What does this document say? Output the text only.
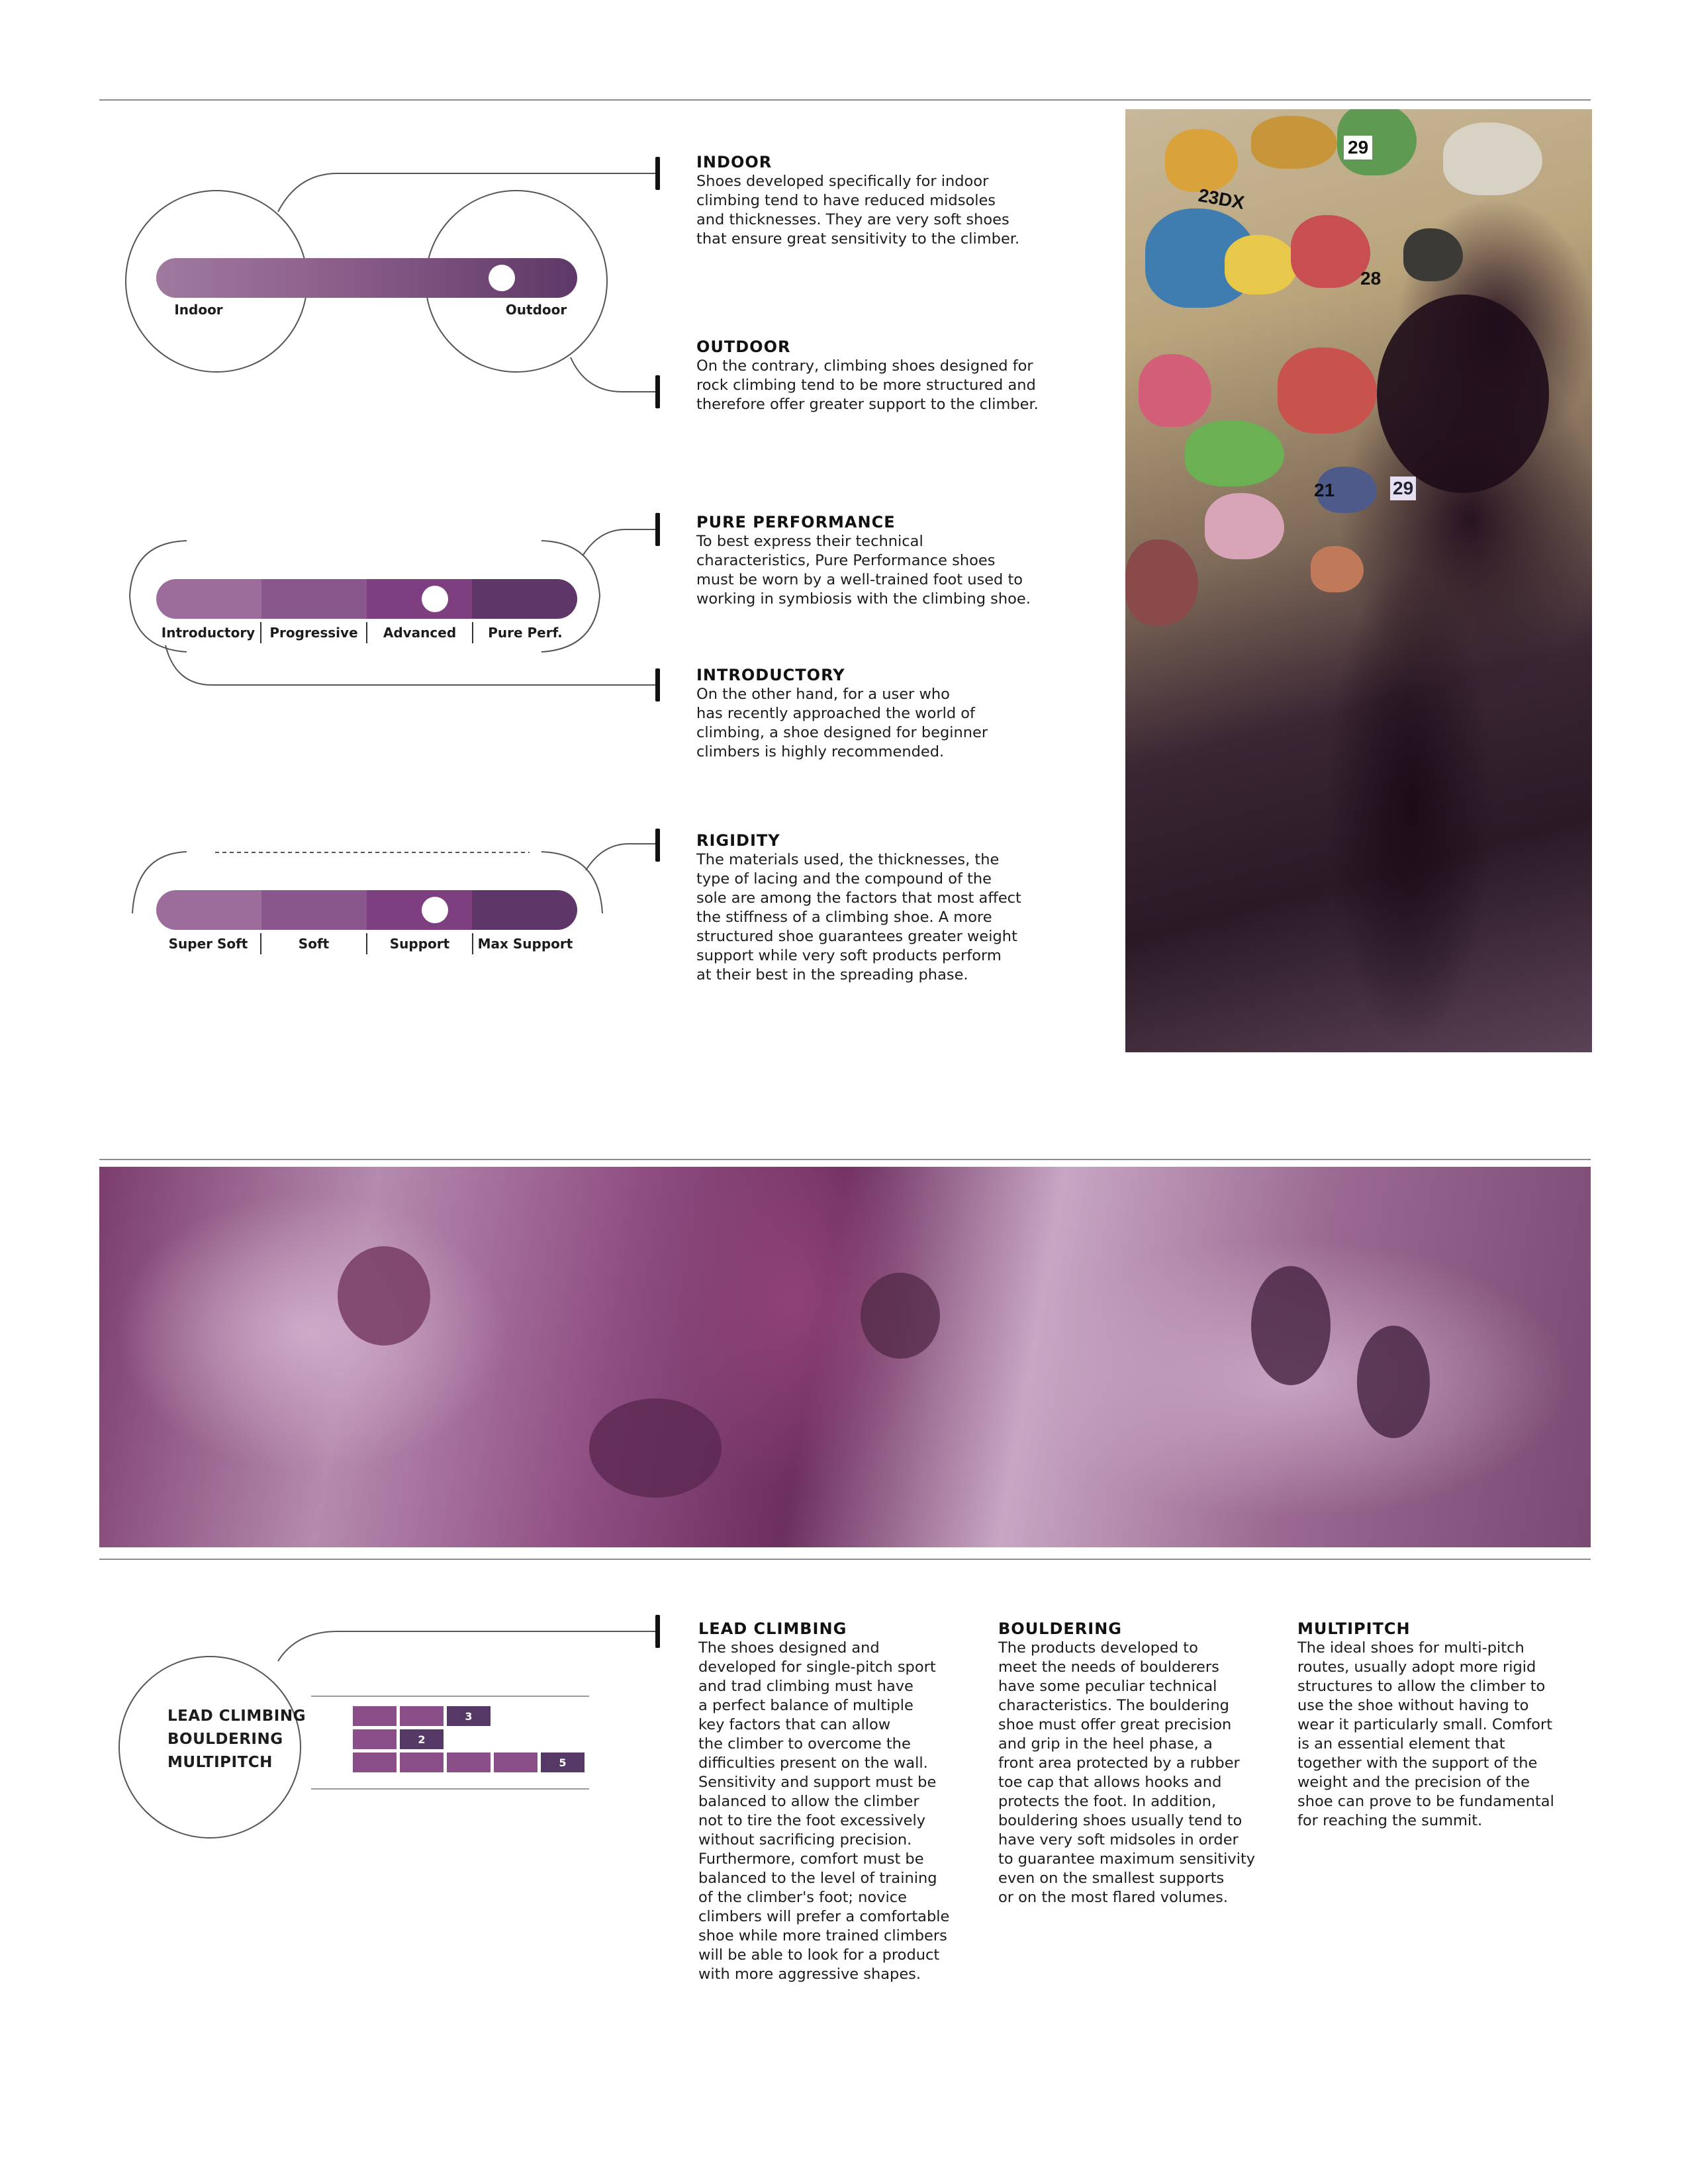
Indoor	Outdoor
Introductory	Progressive	Advanced	Pure Perf.
Super Soft	Soft	Support	Max Support
INDOOR
Shoes developed specifically for indoor
climbing tend to have reduced midsoles
and thicknesses. They are very soft shoes
that ensure great sensitivity to the climber.
OUTDOOR
On the contrary, climbing shoes designed for
rock climbing tend to be more structured and
therefore offer greater support to the climber.
PURE PERFORMANCE
To best express their technical
characteristics, Pure Performance shoes
must be worn by a well-trained foot used to
working in symbiosis with the climbing shoe.
INTRODUCTORY
On the other hand, for a user who
has recently approached the world of
climbing, a shoe designed for beginner
climbers is highly recommended.
RIGIDITY
The materials used, the thicknesses, the
type of lacing and the compound of the
sole are among the factors that most affect
the stiffness of a climbing shoe. A more
structured shoe guarantees greater weight
support while very soft products perform
at their best in the spreading phase.
29
23DX
21	29
28
LEAD CLIMBING
BOULDERING
MULTIPITCH
3
2
5
LEAD CLIMBING
The shoes designed and
developed for single-pitch sport
and trad climbing must have
a perfect balance of multiple
key factors that can allow
the climber to overcome the
difficulties present on the wall.
Sensitivity and support must be
balanced to allow the climber
not to tire the foot excessively
without sacrificing precision.
Furthermore, comfort must be
balanced to the level of training
of the climber's foot; novice
climbers will prefer a comfortable
shoe while more trained climbers
will be able to look for a product
with more aggressive shapes.
BOULDERING
The products developed to
meet the needs of boulderers
have some peculiar technical
characteristics. The bouldering
shoe must offer great precision
and grip in the heel phase, a
front area protected by a rubber
toe cap that allows hooks and
protects the foot. In addition,
bouldering shoes usually tend to
have very soft midsoles in order
to guarantee maximum sensitivity
even on the smallest supports
or on the most flared volumes.
MULTIPITCH
The ideal shoes for multi-pitch
routes, usually adopt more rigid
structures to allow the climber to
use the shoe without having to
wear it particularly small. Comfort
is an essential element that
together with the support of the
weight and the precision of the
shoe can prove to be fundamental
for reaching the summit.
